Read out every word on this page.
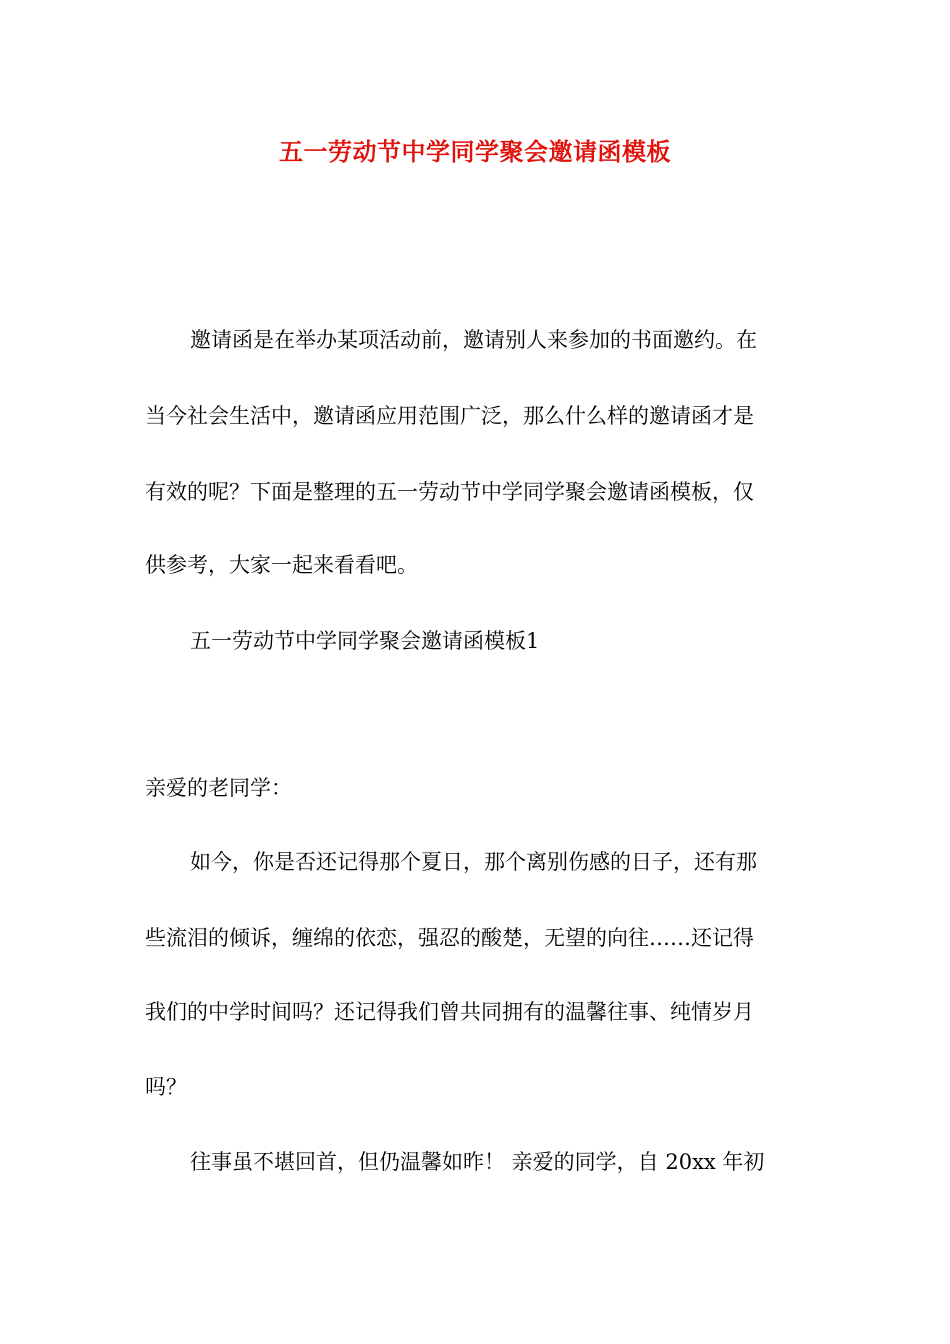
五一劳动节中学同学聚会邀请函模板
邀请函是在举办某项活动前，邀请别人来参加的书面邀约。在
当今社会生活中，邀请函应用范围广泛，那么什么样的邀请函才是
有效的呢？下面是整理的五一劳动节中学同学聚会邀请函模板，仅
供参考，大家一起来看看吧。
五一劳动节中学同学聚会邀请函模板1
亲爱的老同学：
如今，你是否还记得那个夏日，那个离别伤感的日子，还有那
些流泪的倾诉，缠绵的依恋，强忍的酸楚，无望的向往……还记得
我们的中学时间吗？还记得我们曾共同拥有的温馨往事、纯情岁月
吗？
往事虽不堪回首，但仍温馨如昨！ 亲爱的同学，自 20xx 年初
